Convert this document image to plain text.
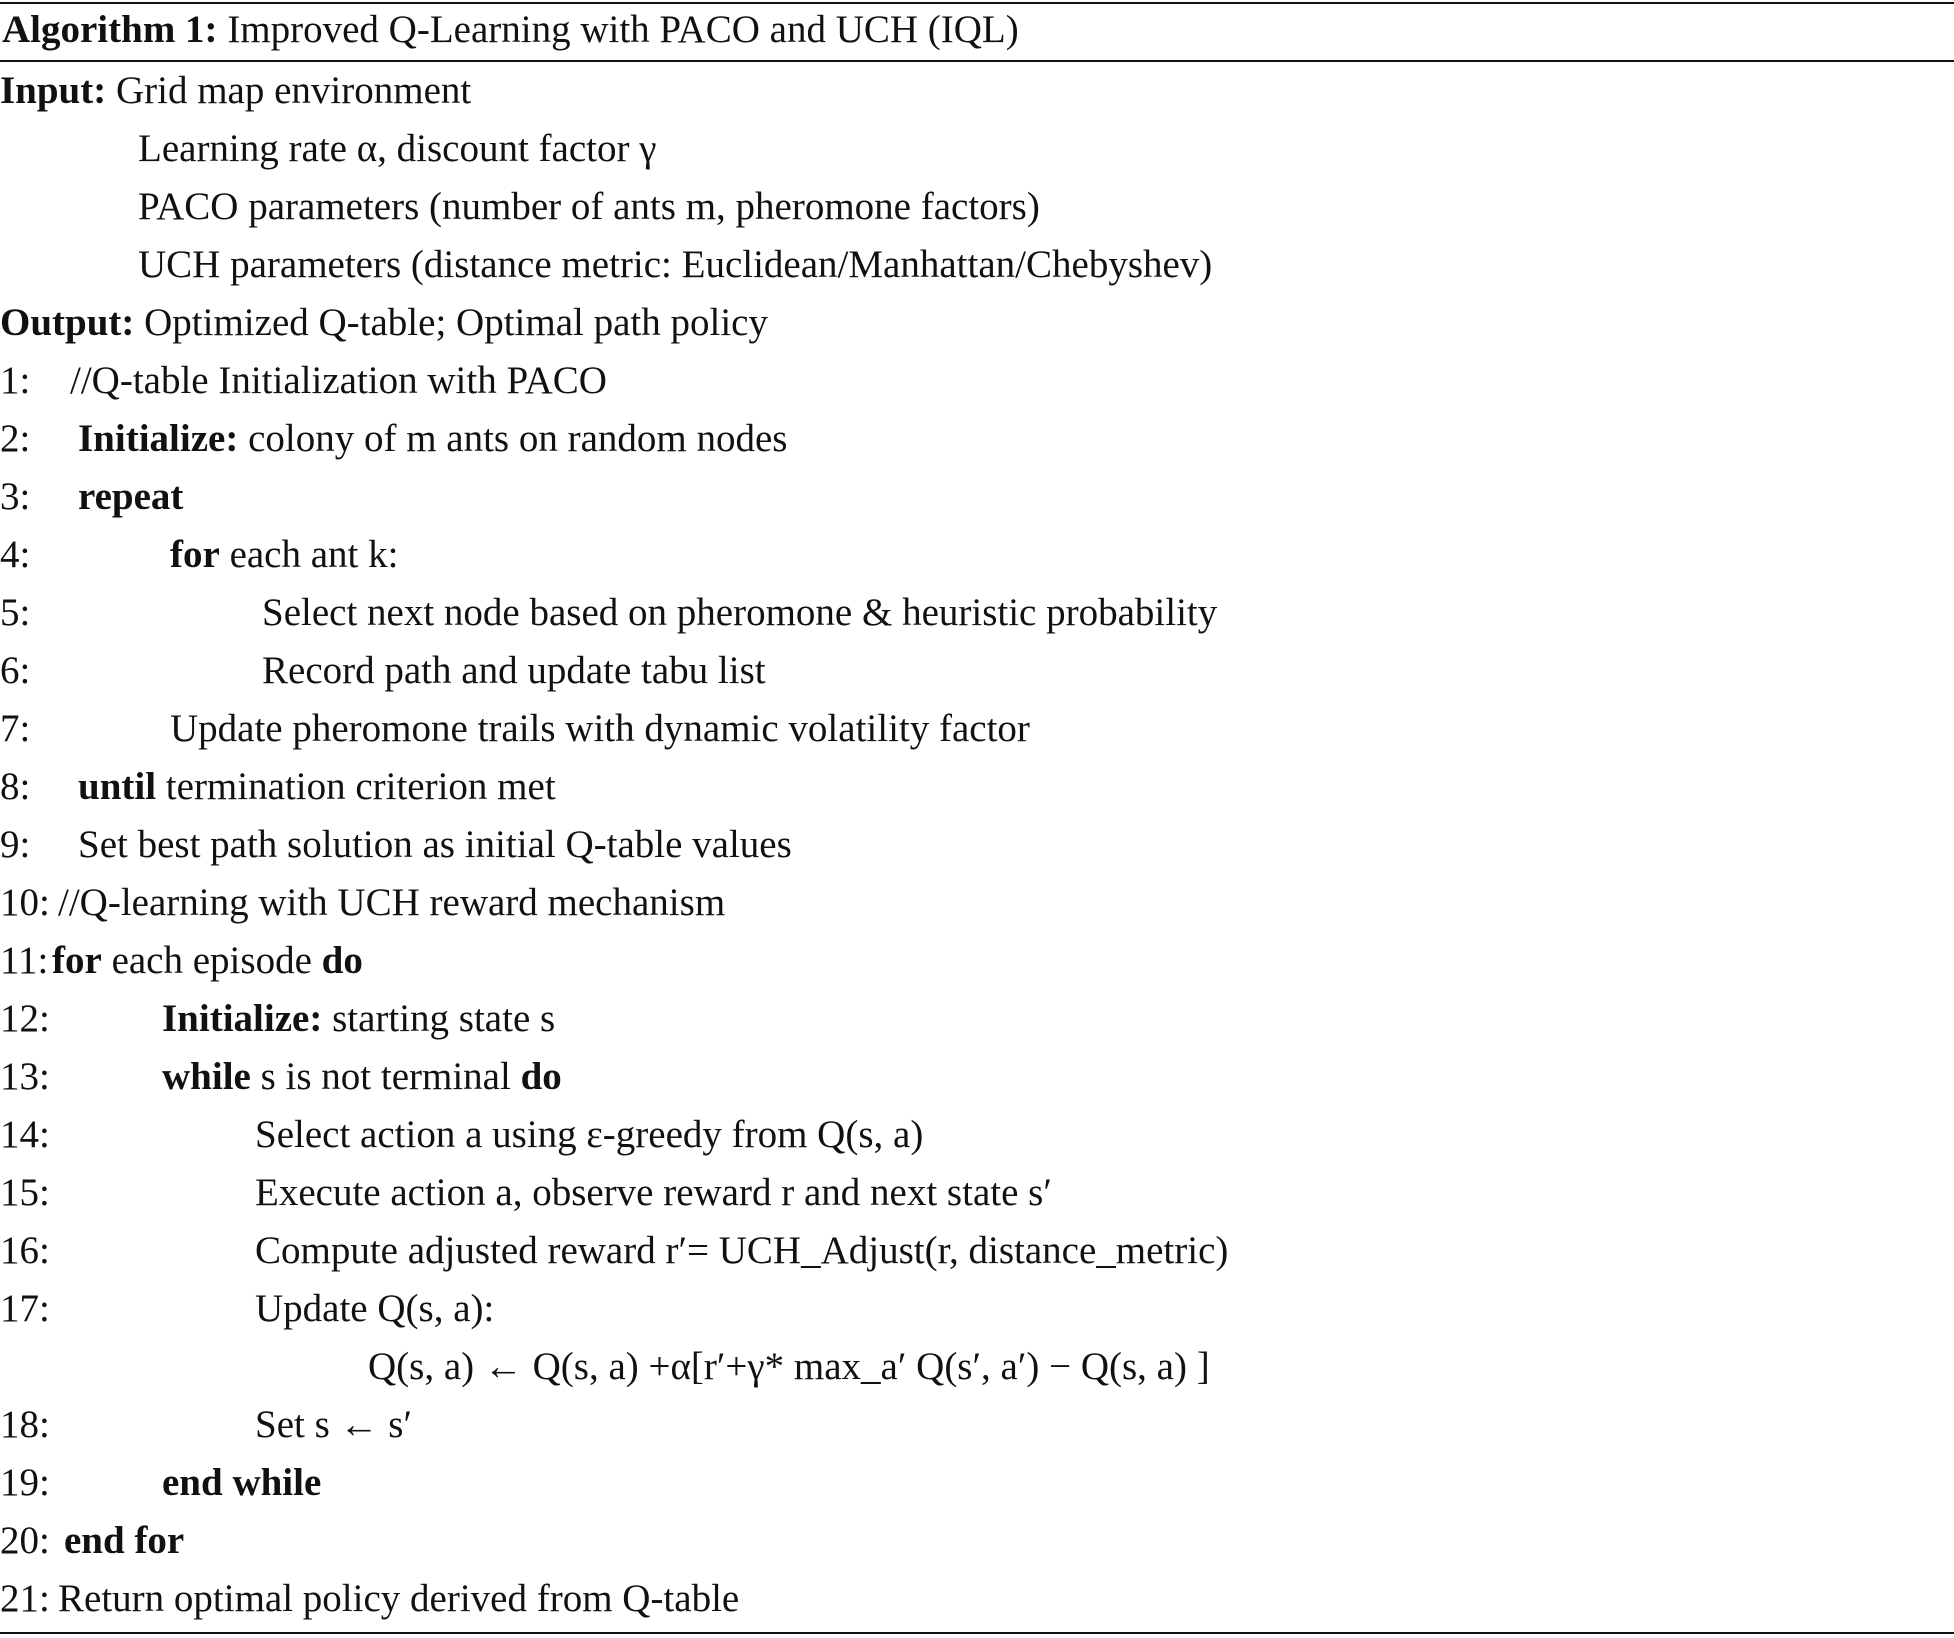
Algorithm 1: Improved Q-Learning with PACO and UCH (IQL)
Input: Grid map environment
Learning rate α, discount factor γ
PACO parameters (number of ants m, pheromone factors)
UCH parameters (distance metric: Euclidean/Manhattan/Chebyshev)
Output: Optimized Q-table; Optimal path policy
1: //Q-table Initialization with PACO
2: Initialize: colony of m ants on random nodes
3: repeat
4:	for each ant k:
5:	Select next node based on pheromone & heuristic probability
6:	Record path and update tabu list
7:	Update pheromone trails with dynamic volatility factor
8: until termination criterion met
9: Set best path solution as initial Q-table values
10: //Q-learning with UCH reward mechanism
11: for each episode do
12:	Initialize: starting state s
13:	while s is not terminal do
14:	Select action a using ε-greedy from Q(s, a)
15:	Execute action a, observe reward r and next state s′
16:	Compute adjusted reward r′= UCH_Adjust(r, distance_metric)
17:	Update Q(s, a):
Q(s, a) ← Q(s, a) +α[r′+γ* max_a′ Q(s′, a′) − Q(s, a) ]
18:	Set s ← s′
19:	end while
20: end for
21: Return optimal policy derived from Q-table
